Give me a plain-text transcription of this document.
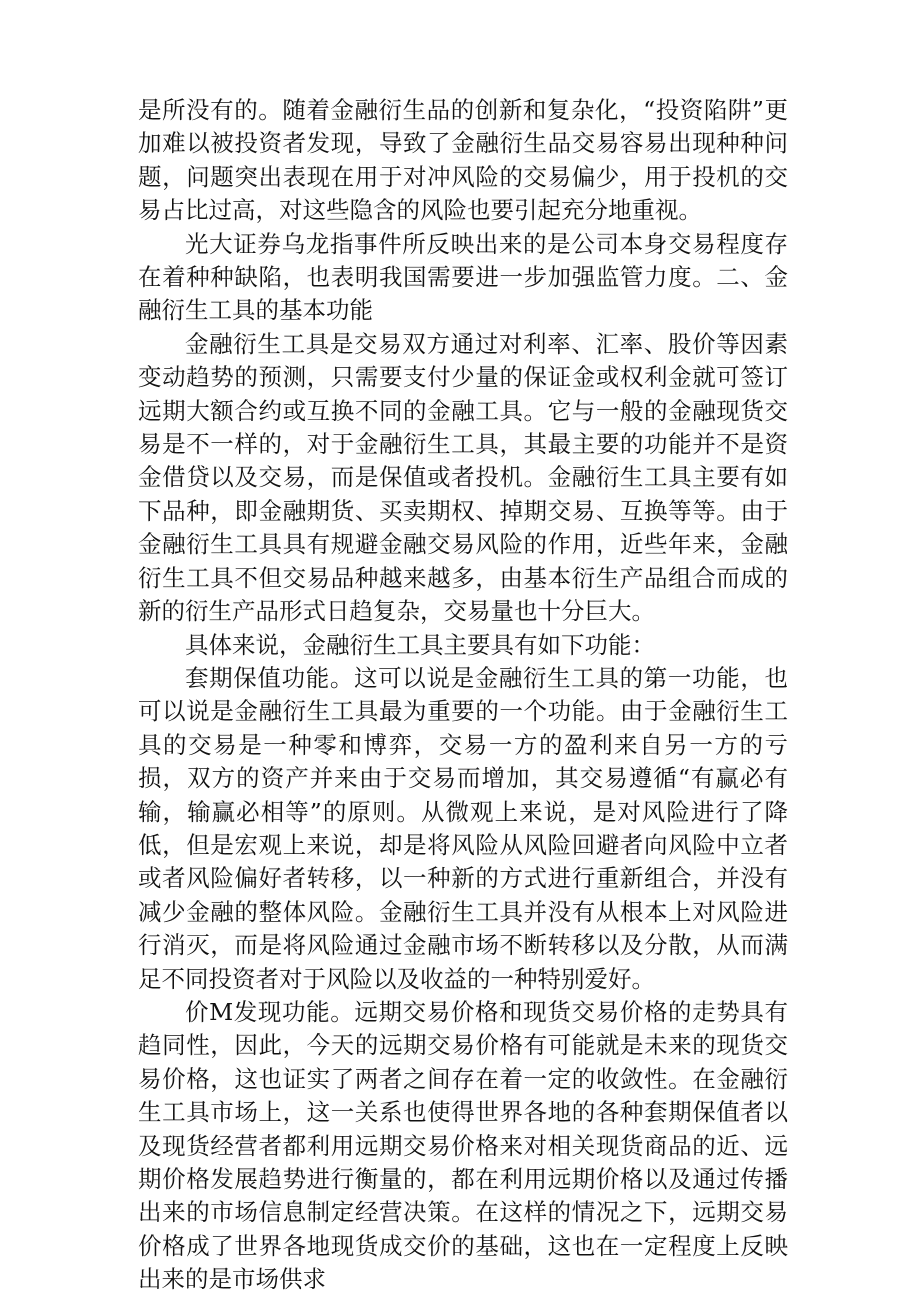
是所没有的。随着金融衍生品的创新和复杂化，“投资陷阱”更加难以被投资者发现，导致了金融衍生品交易容易出现种种问题，问题突出表现在用于对冲风险的交易偏少，用于投机的交易占比过高，对这些隐含的风险也要引起充分地重视。

光大证券乌龙指事件所反映出来的是公司本身交易程度存在着种种缺陷，也表明我国需要进一步加强监管力度。二、金融衍生工具的基本功能

金融衍生工具是交易双方通过对利率、汇率、股价等因素变动趋势的预测，只需要支付少量的保证金或权利金就可签订远期大额合约或互换不同的金融工具。它与一般的金融现货交易是不一样的，对于金融衍生工具，其最主要的功能并不是资金借贷以及交易，而是保值或者投机。金融衍生工具主要有如下品种，即金融期货、买卖期权、掉期交易、互换等等。由于金融衍生工具具有规避金融交易风险的作用，近些年来，金融衍生工具不但交易品种越来越多，由基本衍生产品组合而成的新的衍生产品形式日趋复杂，交易量也十分巨大。

具体来说，金融衍生工具主要具有如下功能：

套期保值功能。这可以说是金融衍生工具的第一功能，也可以说是金融衍生工具最为重要的一个功能。由于金融衍生工具的交易是一种零和博弈，交易一方的盈利来自另一方的亏损，双方的资产并来由于交易而增加，其交易遵循“有赢必有输，输赢必相等”的原则。从微观上来说，是对风险进行了降低，但是宏观上来说，却是将风险从风险回避者向风险中立者或者风险偏好者转移，以一种新的方式进行重新组合，并没有减少金融的整体风险。金融衍生工具并没有从根本上对风险进行消灭，而是将风险通过金融市场不断转移以及分散，从而满足不同投资者对于风险以及收益的一种特别爱好。

价M发现功能。远期交易价格和现货交易价格的走势具有趋同性，因此，今天的远期交易价格有可能就是未来的现货交易价格，这也证实了两者之间存在着一定的收敛性。在金融衍生工具市场上，这一关系也使得世界各地的各种套期保值者以及现货经营者都利用远期交易价格来对相关现货商品的近、远期价格发展趋势进行衡量的，都在利用远期价格以及通过传播出来的市场信息制定经营决策。在这样的情况之下，远期交易价格成了世界各地现货成交价的基础，这也在一定程度上反映出来的是市场供求
